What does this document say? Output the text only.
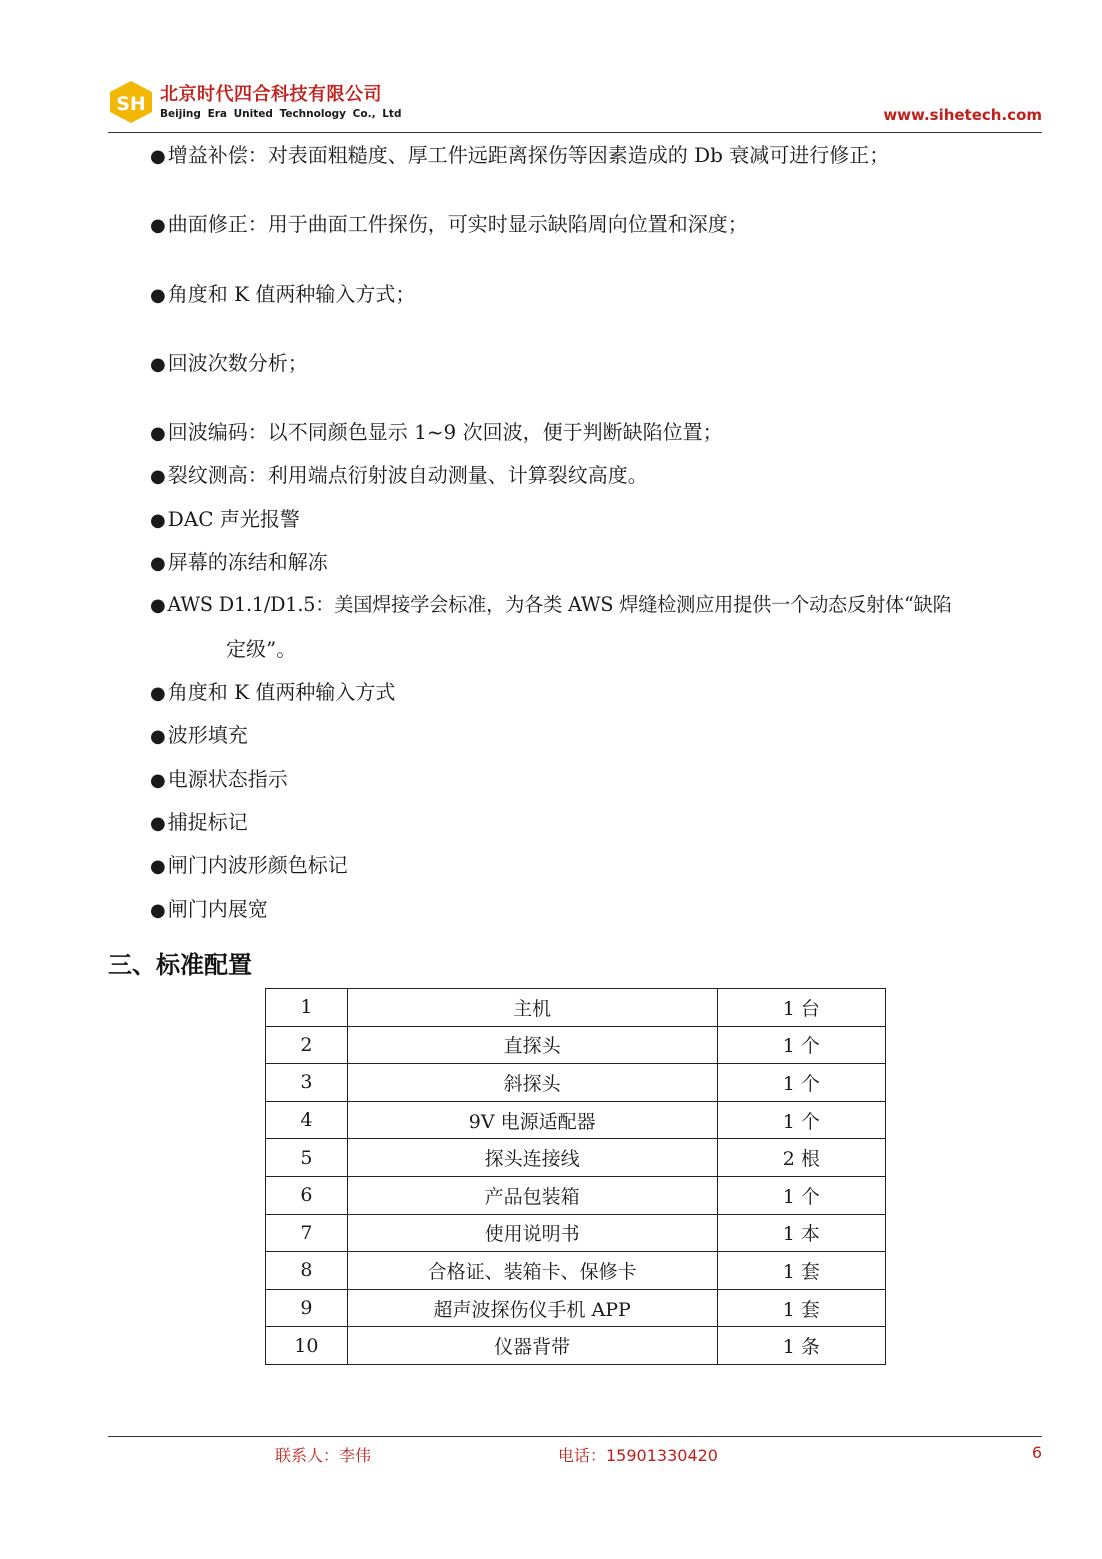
SH 北京时代四合科技有限公司
Beijing Era United Technology Co., Ltd	www.sihetech.com
● 增益补偿：对表面粗糙度、厚工件远距离探伤等因素造成的 Db 衰减可进行修正；
● 曲面修正：用于曲面工件探伤，可实时显示缺陷周向位置和深度；
● 角度和 K 值两种输入方式；
● 回波次数分析；
● 回波编码：以不同颜色显示 1~9 次回波，便于判断缺陷位置；
● 裂纹测高：利用端点衍射波自动测量、计算裂纹高度。
● DAC 声光报警
● 屏幕的冻结和解冻
● AWS D1.1/D1.5：美国焊接学会标准，为各类 AWS 焊缝检测应用提供一个动态反射体“缺陷
● 角度和 K 值两种输入方式
● 波形填充
● 电源状态指示
● 捕捉标记
● 闸门内波形颜色标记
● 闸门内展宽
定级”。
三、标准配置
1	主机	1 台
2	直探头	1 个
3	斜探头	1 个
4	9V 电源适配器	1 个
5	探头连接线	2 根
6	产品包装箱	1 个
7	使用说明书	1 本
8	合格证、装箱卡、保修卡	1 套
9	超声波探伤仪手机 APP	1 套
10	仪器背带	1 条
联系人：李伟	电话：15901330420	6
